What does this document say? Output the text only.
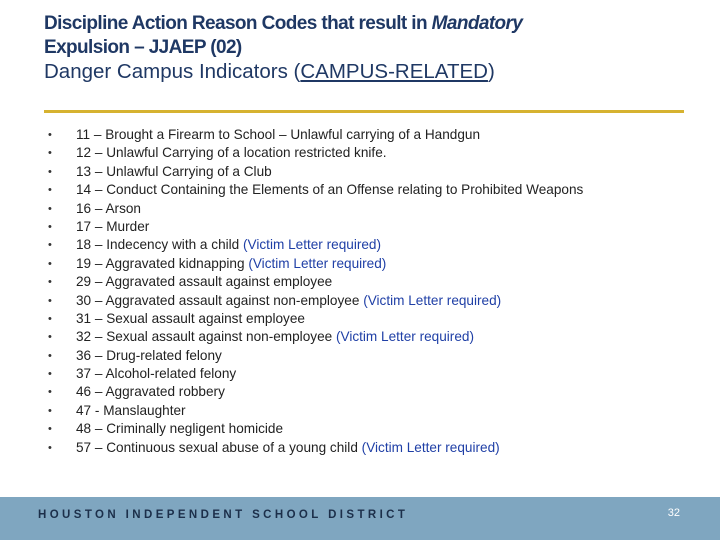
Discipline Action Reason Codes that result in Mandatory
Expulsion – JJAEP (02)
Danger Campus Indicators (CAMPUS-RELATED)
•	11 – Brought a Firearm to School – Unlawful carrying of a Handgun
•	12 – Unlawful Carrying of a location restricted knife.
•	13 – Unlawful Carrying of a Club
•	14 – Conduct Containing the Elements of an Offense relating to Prohibited Weapons
•	16 – Arson
•	17 – Murder
•	18 – Indecency with a child (Victim Letter required)
•	19 – Aggravated kidnapping (Victim Letter required)
•	29 – Aggravated assault against employee
•	30 – Aggravated assault against non-employee (Victim Letter required)
•	31 – Sexual assault against employee
•	32 – Sexual assault against non-employee (Victim Letter required)
•	36 – Drug-related felony
•	37 – Alcohol-related felony
•	46 – Aggravated robbery
•	47 - Manslaughter
•	48 – Criminally negligent homicide
•	57 – Continuous sexual abuse of a young child (Victim Letter required)
HOUSTON INDEPENDENT SCHOOL DISTRICT	32
